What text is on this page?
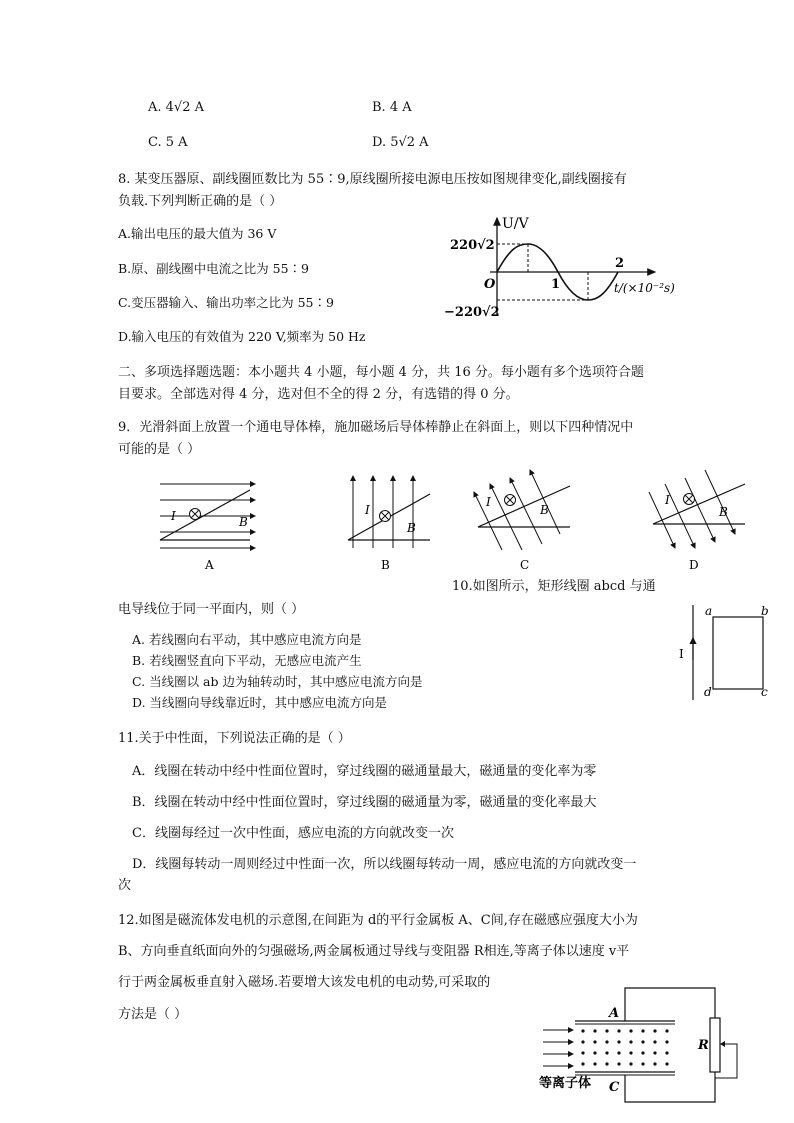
A. 4√2 A	B. 4 A
C. 5 A	D. 5√2 A
8. 某变压器原、副线圈匝数比为 55∶9,原线圈所接电源电压按如图规律变化,副线圈接有
负载.下列判断正确的是（ ）
A.输出电压的最大值为 36 V
B.原、副线圈中电流之比为 55∶9
C.变压器输入、输出功率之比为 55∶9
D.输入电压的有效值为 220 V,频率为 50 Hz
U/V
220√2
−220√2
O	1
2
t/(×10⁻²s)
二、多项选择题选题：本小题共 4 小题，每小题 4 分，共 16 分。每小题有多个选项符合题
目要求。全部选对得 4 分，选对但不全的得 2 分，有选错的得 0 分。
9．光滑斜面上放置一个通电导体棒，施加磁场后导体棒静止在斜面上，则以下四种情况中
可能的是（ ）
I	B
A
I
B
B
I
B
C
I
B
D
10.如图所示，矩形线圈 abcd 与通
电导线位于同一平面内，则（ ）
A. 若线圈向右平动，其中感应电流方向是
B. 若线圈竖直向下平动，无感应电流产生
C. 当线圈以 ab 边为轴转动时，其中感应电流方向是
D. 当线圈向导线靠近时，其中感应电流方向是
I
a	b
c
d
11.关于中性面，下列说法正确的是（ ）
A．线圈在转动中经中性面位置时，穿过线圈的磁通量最大，磁通量的变化率为零
B．线圈在转动中经中性面位置时，穿过线圈的磁通量为零，磁通量的变化率最大
C．线圈每经过一次中性面，感应电流的方向就改变一次
D．线圈每转动一周则经过中性面一次，所以线圈每转动一周，感应电流的方向就改变一
次
12.如图是磁流体发电机的示意图,在间距为 d的平行金属板 A、C间,存在磁感应强度大小为
B、方向垂直纸面向外的匀强磁场,两金属板通过导线与变阻器 R相连,等离子体以速度 v平
行于两金属板垂直射入磁场.若要增大该发电机的电动势,可采取的
方法是（ ）
R
A
C
等离子体
